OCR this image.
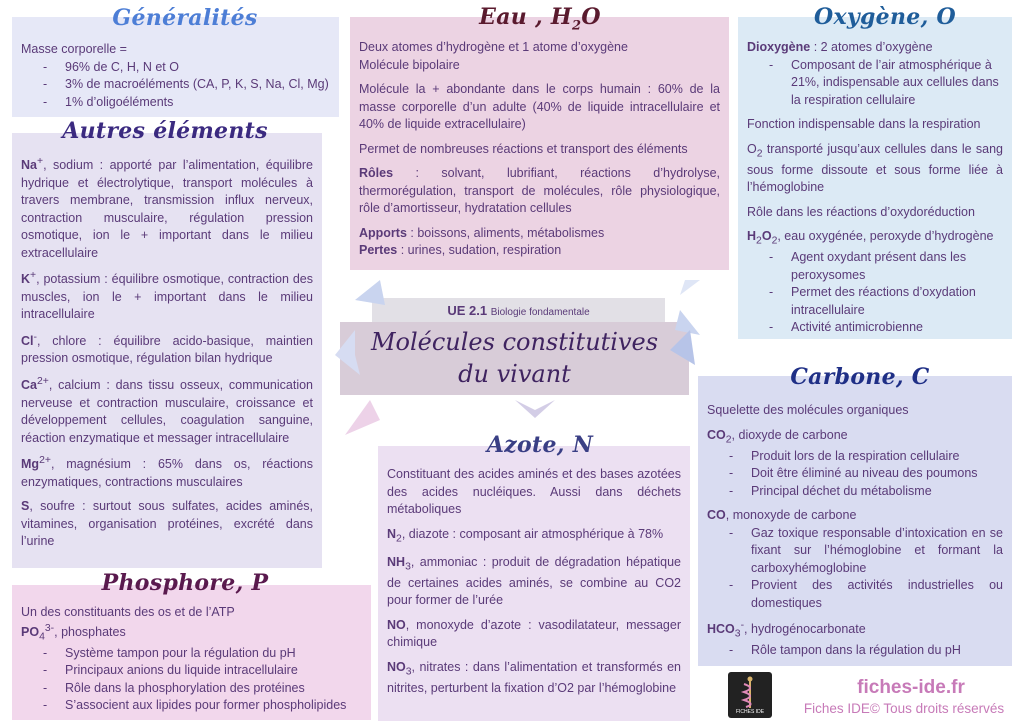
Masse corporelle =

- 96% de C, H, N et O
- 3% de macroéléments (CA, P, K, S, Na, Cl, Mg)
- 1% d’oligoéléments
Généralités

Na+, sodium : apporté par l’alimentation, équilibre hydrique et électrolytique, transport molécules à travers membrane, transmission influx nerveux, contraction musculaire, régulation pression osmotique, ion le + important dans le milieu extracellulaire

K+, potassium : équilibre osmotique, contraction des muscles, ion le + important dans le milieu intracellulaire

Cl-, chlore : équilibre acido-basique, maintien pression osmotique, régulation bilan hydrique

$Ca^{2+}$, calcium : dans tissu osseux, communication nerveuse et contraction musculaire, croissance et développement cellules, coagulation sanguine, réaction enzymatique et messager intracellulaire

$Mg^{2+}$, magnésium : 65% dans os, réactions enzymatiques, contractions musculaires

S, soufre : surtout sous sulfates, acides aminés, vitamines, organisation protéines, excrété dans l’urine

Autres éléments

Un des constituants des os et de l’ATP

$PO_4^{3-}$, phosphates

- Système tampon pour la régulation du pH
- Principaux anions du liquide intracellulaire
- Rôle dans la phosphorylation des protéines
- S’associent aux lipides pour former phospholipides
Phosphore, P

Deux atomes d’hydrogène et 1 atome d’oxygène

Molécule bipolaire

Molécule la + abondante dans le corps humain : 60% de la masse corporelle d’un adulte (40% de liquide intracellulaire et 40% de liquide extracellulaire)

Permet de nombreuses réactions et transport des éléments

Rôles : solvant, lubrifiant, réactions d’hydrolyse, thermorégulation, transport de molécules, rôle physiologique, rôle d’amortisseur, hydratation cellules

Apports : boissons, aliments, métabolismes

Pertes : urines, sudation, respiration

Eau , $H_2O$

Dioxygène : 2 atomes d’oxygène

- Composant de l’air atmosphérique à 21%, indispensable aux cellules dans la respiration cellulaire

Fonction indispensable dans la respiration

$O_2$ transporté jusqu’aux cellules dans le sang sous forme dissoute et sous forme liée à l’hémoglobine

Rôle dans les réactions d’oxydoréduction

$H_2O_2$, eau oxygénée, peroxyde d’hydrogène

- Agent oxydant présent dans les peroxysomes
- Permet des réactions d’oxydation intracellulaire
- Activité antimicrobienne
Oxygène, O
UE 2.1 Biologie fondamentale
Molécules constitutives
du vivant

Squelette des molécules organiques

$CO_2$, dioxyde de carbone

- Produit lors de la respiration cellulaire
- Doit être éliminé au niveau des poumons
- Principal déchet du métabolisme

CO, monoxyde de carbone

- Gaz toxique responsable d’intoxication en se fixant sur l’hémoglobine et formant la carboxyhémoglobine
- Provient des activités industrielles ou domestiques

$HCO_3^-$, hydrogénocarbonate

- Rôle tampon dans la régulation du pH
Carbone, C

Constituant des acides aminés et des bases azotées des acides nucléiques. Aussi dans déchets métaboliques

$N_2$, diazote : composant air atmosphérique à 78%

$NH_3$, ammoniac : produit de dégradation hépatique de certaines acides aminés, se combine au CO2 pour former de l’urée

NO, monoxyde d’azote : vasodilatateur, messager chimique

$NO_3$, nitrates : dans l’alimentation et transformés en nitrites, perturbent la fixation d’O2 par l’hémoglobine

Azote, N
FICHES IDE
fiches-ide.fr
Fiches IDE© Tous droits réservés
